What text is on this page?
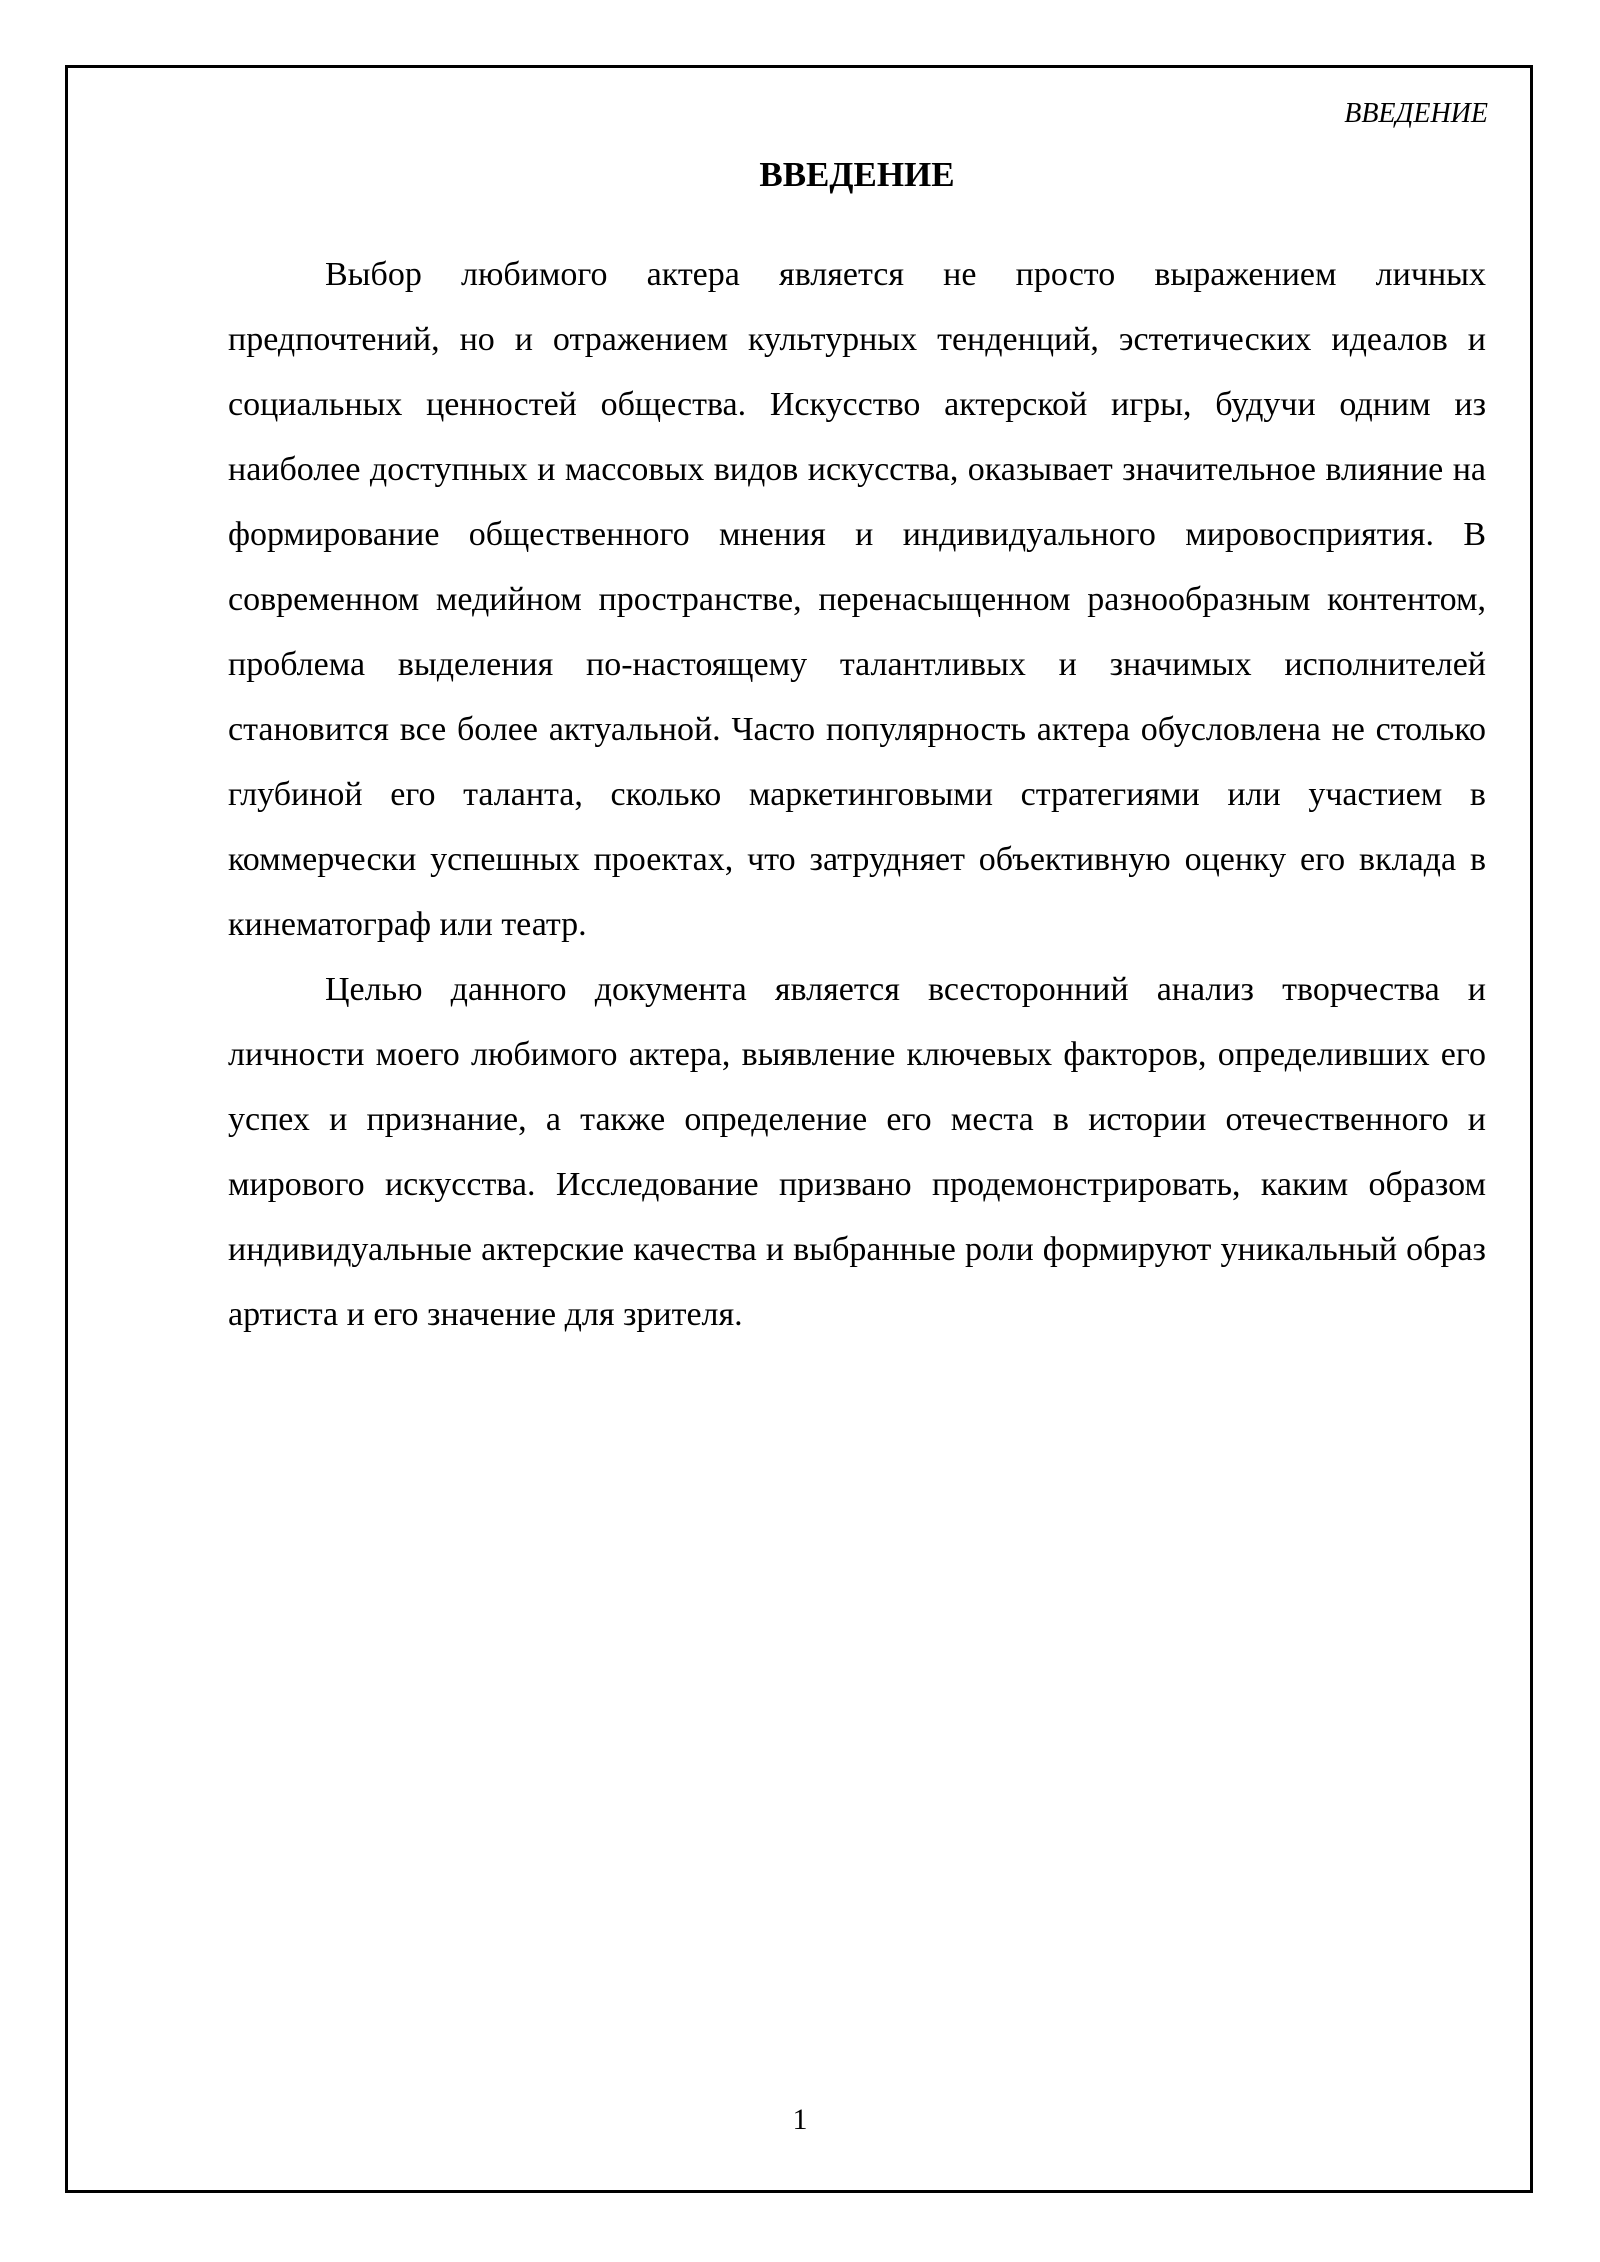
ВВЕДЕНИЕ
ВВЕДЕНИЕ

Выбор любимого актера является не просто выражением личных предпочтений, но и отражением культурных тенденций, эстетических идеалов и социальных ценностей общества. Искусство актерской игры, будучи одним из наиболее доступных и массовых видов искусства, оказывает значительное влияние на формирование общественного мнения и индивидуального мировосприятия. В современном медийном пространстве, перенасыщенном разнообразным контентом, проблема выделения по-настоящему талантливых и значимых исполнителей становится все более актуальной. Часто популярность актера обусловлена не столько глубиной его таланта, сколько маркетинговыми стратегиями или участием в коммерчески успешных проектах, что затрудняет объективную оценку его вклада в кинематограф или театр.

Целью данного документа является всесторонний анализ творчества и личности моего любимого актера, выявление ключевых факторов, определивших его успех и признание, а также определение его места в истории отечественного и мирового искусства. Исследование призвано продемонстрировать, каким образом индивидуальные актерские качества и выбранные роли формируют уникальный образ артиста и его значение для зрителя.

1
